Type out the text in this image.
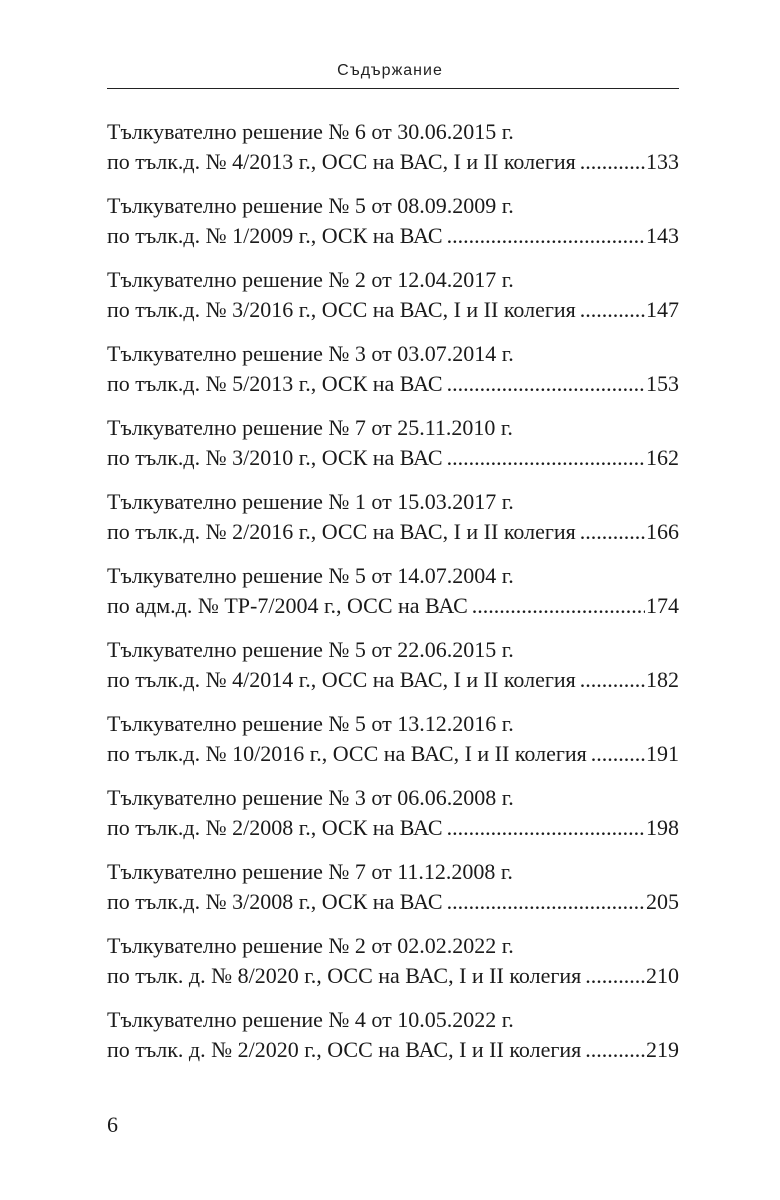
Съдържание
Тълкувателно решение № 6 от 30.06.2015 г.
по тълк.д. № 4/2013 г., ОСС на ВАС, I и II колегия .....	133
Тълкувателно решение № 5 от 08.09.2009 г.
по тълк.д. № 1/2009 г., ОСК на ВАС .....	143
Тълкувателно решение № 2 от 12.04.2017 г.
по тълк.д. № 3/2016 г., ОСС на ВАС, I и II колегия .....	147
Тълкувателно решение № 3 от 03.07.2014 г.
по тълк.д. № 5/2013 г., ОСК на ВАС .....	153
Тълкувателно решение № 7 от 25.11.2010 г.
по тълк.д. № 3/2010 г., ОСК на ВАС .....	162
Тълкувателно решение № 1 от 15.03.2017 г.
по тълк.д. № 2/2016 г., ОСС на ВАС, I и II колегия .....	166
Тълкувателно решение № 5 от 14.07.2004 г.
по адм.д. № ТР-7/2004 г., ОСС на ВАС .....	174
Тълкувателно решение № 5 от 22.06.2015 г.
по тълк.д. № 4/2014 г., ОСС на ВАС, I и II колегия .....	182
Тълкувателно решение № 5 от 13.12.2016 г.
по тълк.д. № 10/2016 г., ОСС на ВАС, I и II колегия .....	191
Тълкувателно решение № 3 от 06.06.2008 г.
по тълк.д. № 2/2008 г., ОСК на ВАС .....	198
Тълкувателно решение № 7 от 11.12.2008 г.
по тълк.д. № 3/2008 г., ОСК на ВАС .....	205
Тълкувателно решение № 2 от 02.02.2022 г.
по тълк. д. № 8/2020 г., ОСС на ВАС, I и II колегия .....	210
Тълкувателно решение № 4 от 10.05.2022 г.
по тълк. д. № 2/2020 г., ОСС на ВАС, I и II колегия .....	219
6
